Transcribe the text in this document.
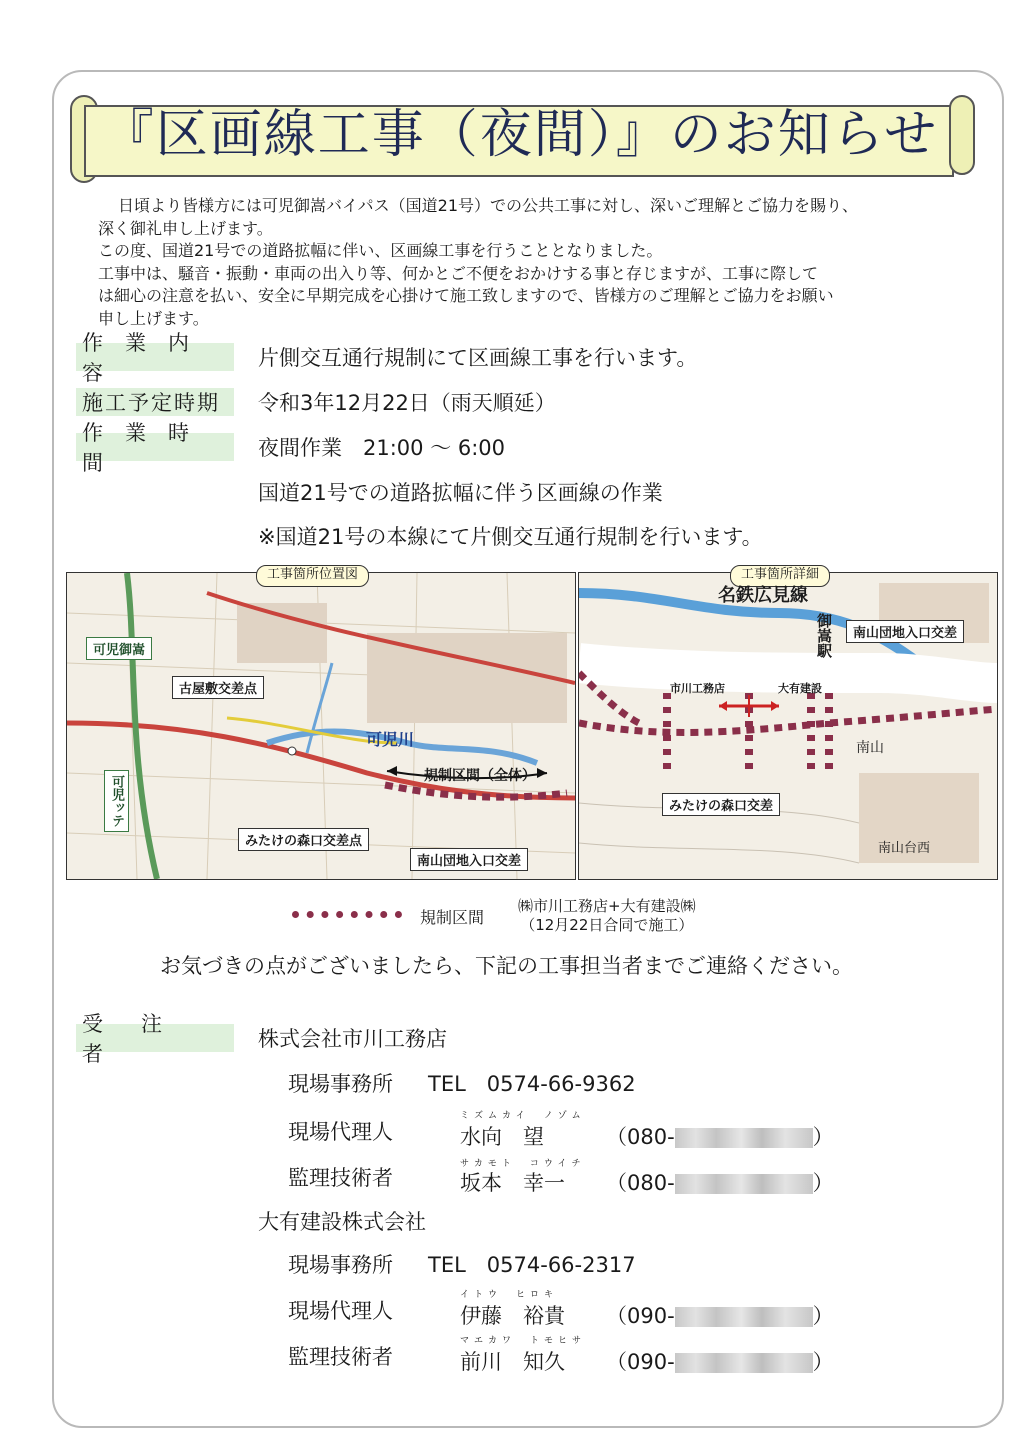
『区画線工事（夜間）』のお知らせ

日頃より皆様方には可児御嵩バイパス（国道21号）での公共工事に対し、深いご理解とご協力を賜り、

深く御礼申し上げます。

この度、国道21号での道路拡幅に伴い、区画線工事を行うこととなりました。

工事中は、騒音・振動・車両の出入り等、何かとご不便をおかけする事と存じますが、工事に際して

は細心の注意を払い、安全に早期完成を心掛けて施工致しますので、皆様方のご理解とご協力をお願い

申し上げます。

作業内容
片側交互通行規制にて区画線工事を行います。
施工予定時期 令和3年12月22日（雨天順延）
作業時間
夜間作業　21:00 ～ 6:00
国道21号での道路拡幅に伴う区画線の作業
※国道21号の本線にて片側交互通行規制を行います。
工事箇所位置図
可児御嵩
古屋敷交差点
可児川
規制区間（全体）
みたけの森口交差点
南山団地入口交差
可児ッテ
工事箇所詳細
名鉄広見線
南山団地入口交差
市川工務店	大有建設
みたけの森口交差
御嵩駅
南山
南山台西
規制区間
㈱市川工務店+大有建設㈱
（12月22日合同で施工）
お気づきの点がございましたら、下記の工事担当者までご連絡ください。
受注者
株式会社市川工務店
現場事務所 TEL　0574-66-9362
ミズムカイ　ノゾム
現場代理人	水向　望	（080-	）
サカモト　コウイチ
監理技術者	坂本　幸一 （080-	）
大有建設株式会社
現場事務所 TEL　0574-66-2317
イトウ　ヒロキ
現場代理人	伊藤　裕貴 （090-	）
マエカワ　トモヒサ
監理技術者	前川　知久 （090-	）
